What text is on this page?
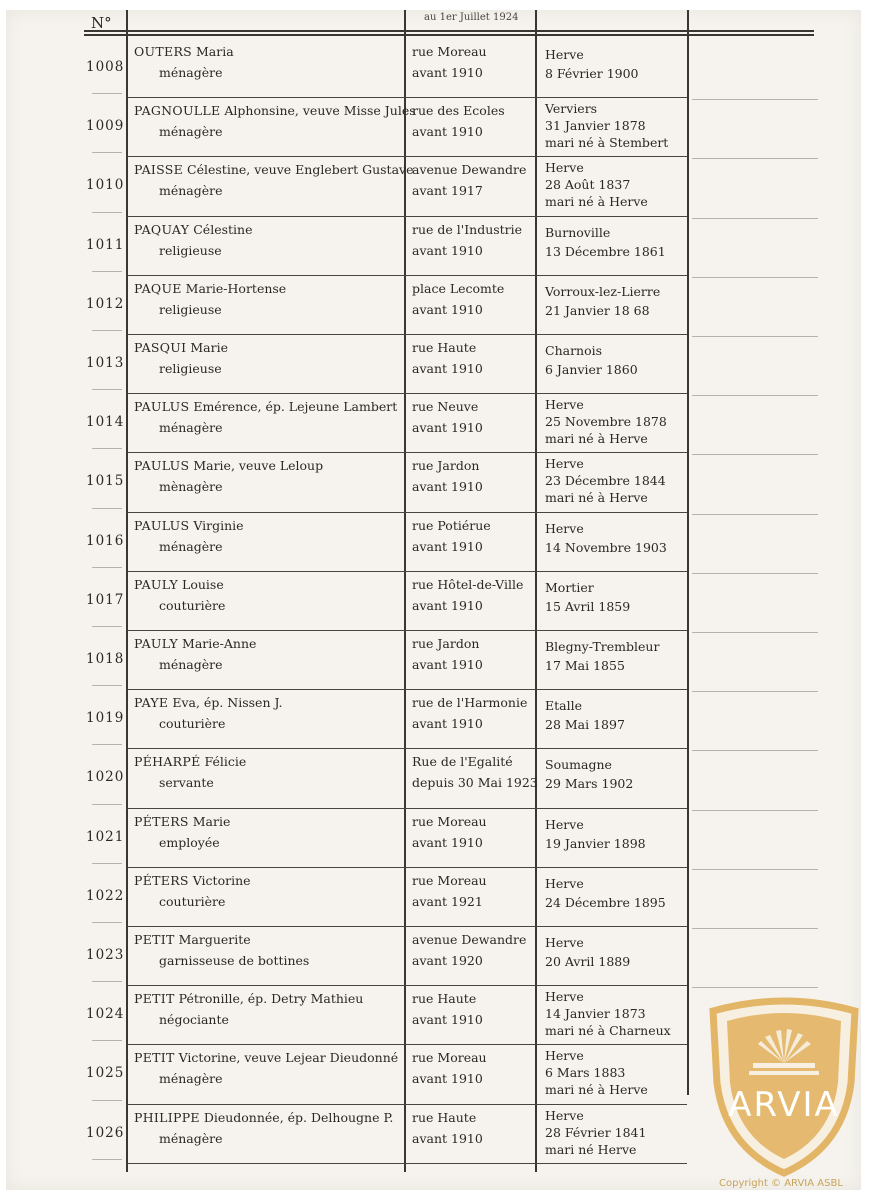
N°	au 1er Juillet 1924
1008
OUTERS Maria
ménagère
rue Moreau
avant 1910
Herve
8 Février 1900
1009
PAGNOULLE Alphonsine, veuve Misse Jules
ménagère
rue des Ecoles
avant 1910
Verviers
31 Janvier 1878
mari né à Stembert
1010
PAISSE Célestine, veuve Englebert Gustave
ménagère
avenue Dewandre
avant 1917
Herve
28 Août 1837
mari né à Herve
1011
PAQUAY Célestine
religieuse
rue de l'Industrie
avant 1910
Burnoville
13 Décembre 1861
1012
PAQUE Marie-Hortense
religieuse
place Lecomte
avant 1910
Vorroux-lez-Lierre
21 Janvier 18 68
1013
PASQUI Marie
religieuse
rue Haute
avant 1910
Charnois
6 Janvier 1860
1014
PAULUS Emérence, ép. Lejeune Lambert
ménagère
rue Neuve
avant 1910
Herve
25 Novembre 1878
mari né à Herve
1015
PAULUS Marie, veuve Leloup
mènagère
rue Jardon
avant 1910
Herve
23 Décembre 1844
mari né à Herve
1016
PAULUS Virginie
ménagère
rue Potiérue
avant 1910
Herve
14 Novembre 1903
1017
PAULY Louise
couturière
rue Hôtel-de-Ville
avant 1910
Mortier
15 Avril 1859
1018
PAULY Marie-Anne
ménagère
rue Jardon
avant 1910
Blegny-Trembleur
17 Mai 1855
1019
PAYE Eva, ép. Nissen J.
couturière
rue de l'Harmonie
avant 1910
Etalle
28 Mai 1897
1020
PÉHARPÉ Félicie
servante
Rue de l'Egalité
depuis 30 Mai 1923
Soumagne
29 Mars 1902
1021
PÉTERS Marie
employée
rue Moreau
avant 1910
Herve
19 Janvier 1898
1022
PÉTERS Victorine
couturière
rue Moreau
avant 1921
Herve
24 Décembre 1895
1023
PETIT Marguerite
garnisseuse de bottines
avenue Dewandre
avant 1920
Herve
20 Avril 1889
1024
PETIT Pétronille, ép. Detry Mathieu
négociante
rue Haute
avant 1910
Herve
14 Janvier 1873
mari né à Charneux
1025
PETIT Victorine, veuve Lejear Dieudonné
ménagère
rue Moreau
avant 1910
Herve
6 Mars 1883
mari né à Herve
1026
PHILIPPE Dieudonnée, ép. Delhougne P.
ménagère
rue Haute
avant 1910
Herve
28 Février 1841
mari né Herve
ARVIA
Copyright © ARVIA ASBL
